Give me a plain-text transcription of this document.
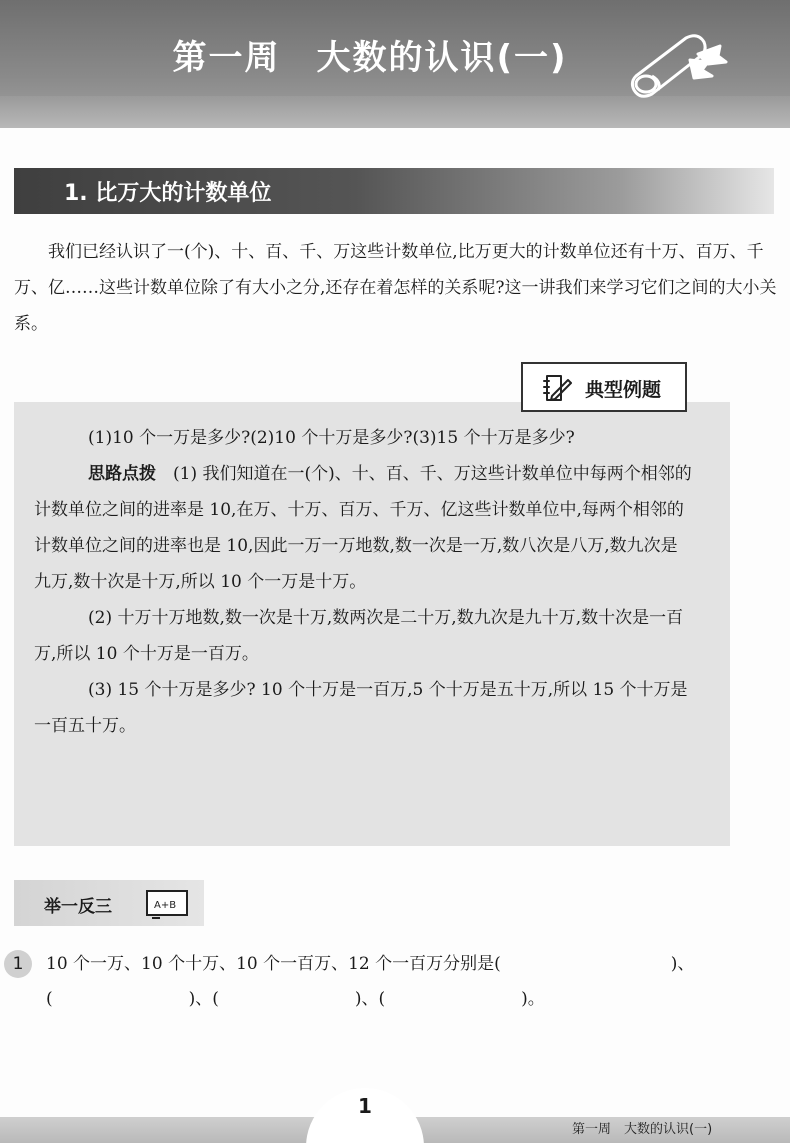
第一周　大数的认识(一)
1. 比万大的计数单位
我们已经认识了一(个)、十、百、千、万这些计数单位,比万更大的计数单位还有十万、百万、千万、亿……这些计数单位除了有大小之分,还存在着怎样的关系呢?这一讲我们来学习它们之间的大小关系。
典型例题

(1)10 个一万是多少?(2)10 个十万是多少?(3)15 个十万是多少?

思路点拨　 (1) 我们知道在一(个)、十、百、千、万这些计数单位中每两个相邻的计数单位之间的进率是 10,在万、十万、百万、千万、亿这些计数单位中,每两个相邻的计数单位之间的进率也是 10,因此一万一万地数,数一次是一万,数八次是八万,数九次是九万,数十次是十万,所以 10 个一万是十万。

(2) 十万十万地数,数一次是十万,数两次是二十万,数九次是九十万,数十次是一百万,所以 10 个十万是一百万。

(3) 15 个十万是多少? 10 个十万是一百万,5 个十万是五十万,所以 15 个十万是一百五十万。

举一反三	A+B
1	10 个一万、10 个十万、10 个一百万、12 个一百万分别是(　　　　　　　　　　)、
(　　　　　　　　)、(　　　　　　　　)、(　　　　　　　　)。
1
第一周　大数的认识(一)
